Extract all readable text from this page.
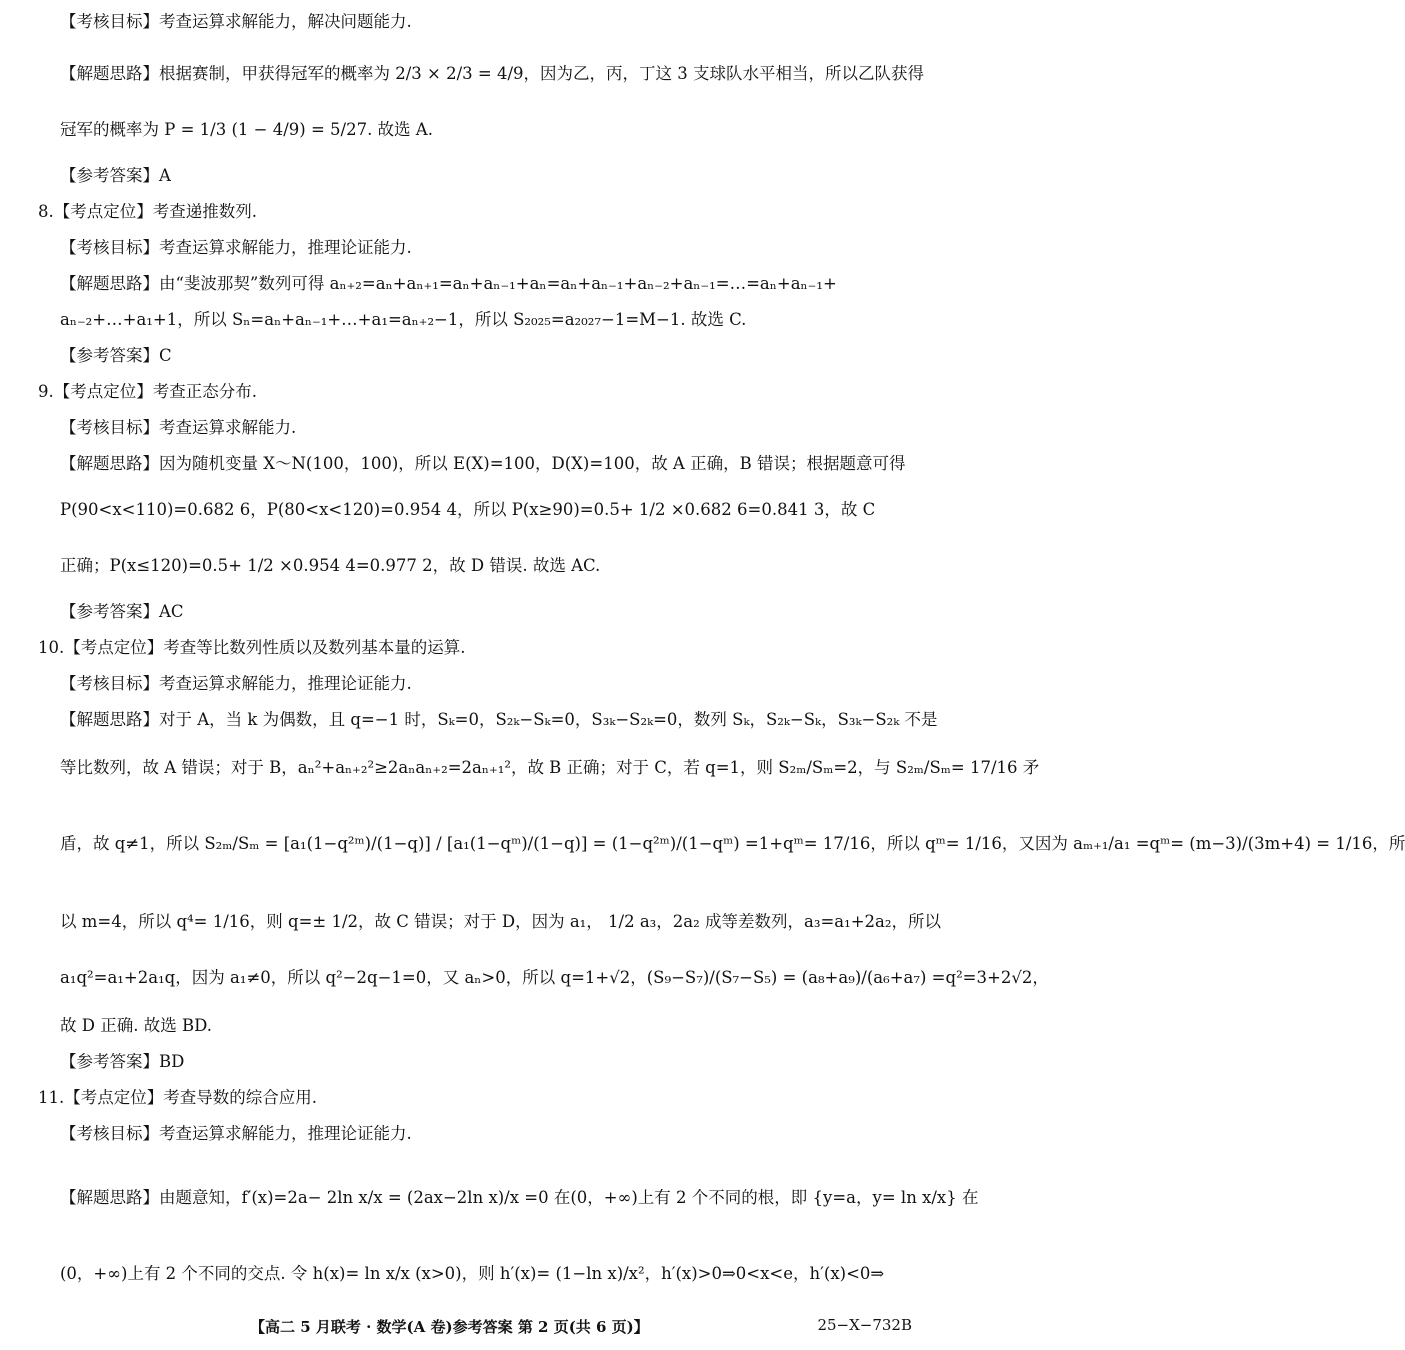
【考核目标】考查运算求解能力，解决问题能力.
【解题思路】根据赛制，甲获得冠军的概率为 2/3 × 2/3 = 4/9，因为乙，丙，丁这 3 支球队水平相当，所以乙队获得
冠军的概率为 P = 1/3 (1 − 4/9) = 5/27. 故选 A.
【参考答案】A
8.【考点定位】考查递推数列.
【考核目标】考查运算求解能力，推理论证能力.
【解题思路】由“斐波那契”数列可得 aₙ₊₂=aₙ+aₙ₊₁=aₙ+aₙ₋₁+aₙ=aₙ+aₙ₋₁+aₙ₋₂+aₙ₋₁=…=aₙ+aₙ₋₁+
aₙ₋₂+…+a₁+1，所以 Sₙ=aₙ+aₙ₋₁+…+a₁=aₙ₊₂−1，所以 S₂₀₂₅=a₂₀₂₇−1=M−1. 故选 C.
【参考答案】C
9.【考点定位】考查正态分布.
【考核目标】考查运算求解能力.
【解题思路】因为随机变量 X～N(100，100)，所以 E(X)=100，D(X)=100，故 A 正确，B 错误；根据题意可得
P(90<x<110)=0.682 6，P(80<x<120)=0.954 4，所以 P(x≥90)=0.5+ 1/2 ×0.682 6=0.841 3，故 C
正确；P(x≤120)=0.5+ 1/2 ×0.954 4=0.977 2，故 D 错误. 故选 AC.
【参考答案】AC
10.【考点定位】考查等比数列性质以及数列基本量的运算.
【考核目标】考查运算求解能力，推理论证能力.
【解题思路】对于 A，当 k 为偶数，且 q=−1 时，Sₖ=0，S₂ₖ−Sₖ=0，S₃ₖ−S₂ₖ=0，数列 Sₖ，S₂ₖ−Sₖ，S₃ₖ−S₂ₖ 不是
等比数列，故 A 错误；对于 B，aₙ²+aₙ₊₂²≥2aₙaₙ₊₂=2aₙ₊₁²，故 B 正确；对于 C，若 q=1，则 S₂ₘ/Sₘ=2，与 S₂ₘ/Sₘ= 17/16 矛
盾，故 q≠1，所以 S₂ₘ/Sₘ = [a₁(1−q²ᵐ)/(1−q)] / [a₁(1−qᵐ)/(1−q)] = (1−q²ᵐ)/(1−qᵐ) =1+qᵐ= 17/16，所以 qᵐ= 1/16，又因为 aₘ₊₁/a₁ =qᵐ= (m−3)/(3m+4) = 1/16，所
以 m=4，所以 q⁴= 1/16，则 q=± 1/2，故 C 错误；对于 D，因为 a₁， 1/2 a₃，2a₂ 成等差数列，a₃=a₁+2a₂，所以
a₁q²=a₁+2a₁q，因为 a₁≠0，所以 q²−2q−1=0，又 aₙ>0，所以 q=1+√2，(S₉−S₇)/(S₇−S₅) = (a₈+a₉)/(a₆+a₇) =q²=3+2√2，
故 D 正确. 故选 BD.
【参考答案】BD
11.【考点定位】考查导数的综合应用.
【考核目标】考查运算求解能力，推理论证能力.
【解题思路】由题意知，f′(x)=2a− 2ln x/x = (2ax−2ln x)/x =0 在(0，+∞)上有 2 个不同的根，即 {y=a，y= ln x/x} 在
(0，+∞)上有 2 个不同的交点. 令 h(x)= ln x/x (x>0)，则 h′(x)= (1−ln x)/x²，h′(x)>0⇒0<x<e，h′(x)<0⇒
【高二 5 月联考 · 数学(A 卷)参考答案 第 2 页(共 6 页)】	25−X−732B
